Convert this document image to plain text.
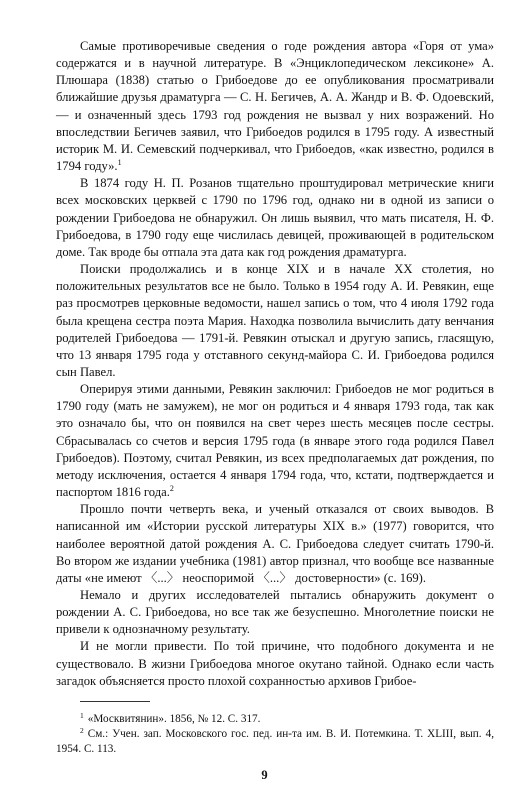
Самые противоречивые сведения о годе рождения автора «Горя от ума» содержатся и в научной литературе. В «Энциклопедическом лексиконе» А. Плюшара (1838) статью о Грибоедове до ее опубликования просматривали ближайшие друзья драматурга — С. Н. Бегичев, А. А. Жандр и В. Ф. Одоевский, — и означенный здесь 1793 год рождения не вызвал у них возражений. Но впоследствии Бегичев заявил, что Грибоедов родился в 1795 году. А известный историк М. И. Семевский подчеркивал, что Грибоедов, «как известно, родился в 1794 году».$^1$

В 1874 году Н. П. Розанов тщательно проштудировал метрические книги всех московских церквей с 1790 по 1796 год, однако ни в одной из записи о рождении Грибоедова не обнаружил. Он лишь выявил, что мать писателя, Н. Ф. Грибоедова, в 1790 году еще числилась девицей, проживающей в родительском доме. Так вроде бы отпала эта дата как год рождения драматурга.

Поиски продолжались и в конце XIX и в начале XX столетия, но положительных результатов все не было. Только в 1954 году А. И. Ревякин, еще раз просмотрев церковные ведомости, нашел запись о том, что 4 июля 1792 года была крещена сестра поэта Мария. Находка позволила вычислить дату венчания родителей Грибоедова — 1791-й. Ревякин отыскал и другую запись, гласящую, что 13 января 1795 года у отставного секунд-майора С. И. Грибоедова родился сын Павел.

Оперируя этими данными, Ревякин заключил: Грибоедов не мог родиться в 1790 году (мать не замужем), не мог он родиться и 4 января 1793 года, так как это означало бы, что он появился на свет через шесть месяцев после сестры. Сбрасывалась со счетов и версия 1795 года (в январе этого года родился Павел Грибоедов). Поэтому, считал Ревякин, из всех предполагаемых дат рождения, по методу исключения, остается 4 января 1794 года, что, кстати, подтверждается и паспортом 1816 года.$^2$

Прошло почти четверть века, и ученый отказался от своих выводов. В написанной им «Истории русской литературы XIX в.» (1977) говорится, что наиболее вероятной датой рождения А. С. Грибоедова следует считать 1790-й. Во втором же издании учебника (1981) автор признал, что вообще все названные даты «не имеют 〈...〉 неоспоримой 〈...〉 достоверности» (с. 169).

Немало и других исследователей пытались обнаружить документ о рождении А. С. Грибоедова, но все так же безуспешно. Многолетние поиски не привели к однозначному результату.

И не могли привести. По той причине, что подобного документа и не существовало. В жизни Грибоедова многое окутано тайной. Однако если часть загадок объясняется просто плохой сохранностью архивов Грибое-

$^1$ «Москвитянин». 1856, № 12. С. 317.

$^2$ См.: Учен. зап. Московского гос. пед. ин-та им. В. И. Потемкина. Т. XLIII, вып. 4, 1954. С. 113.

9
